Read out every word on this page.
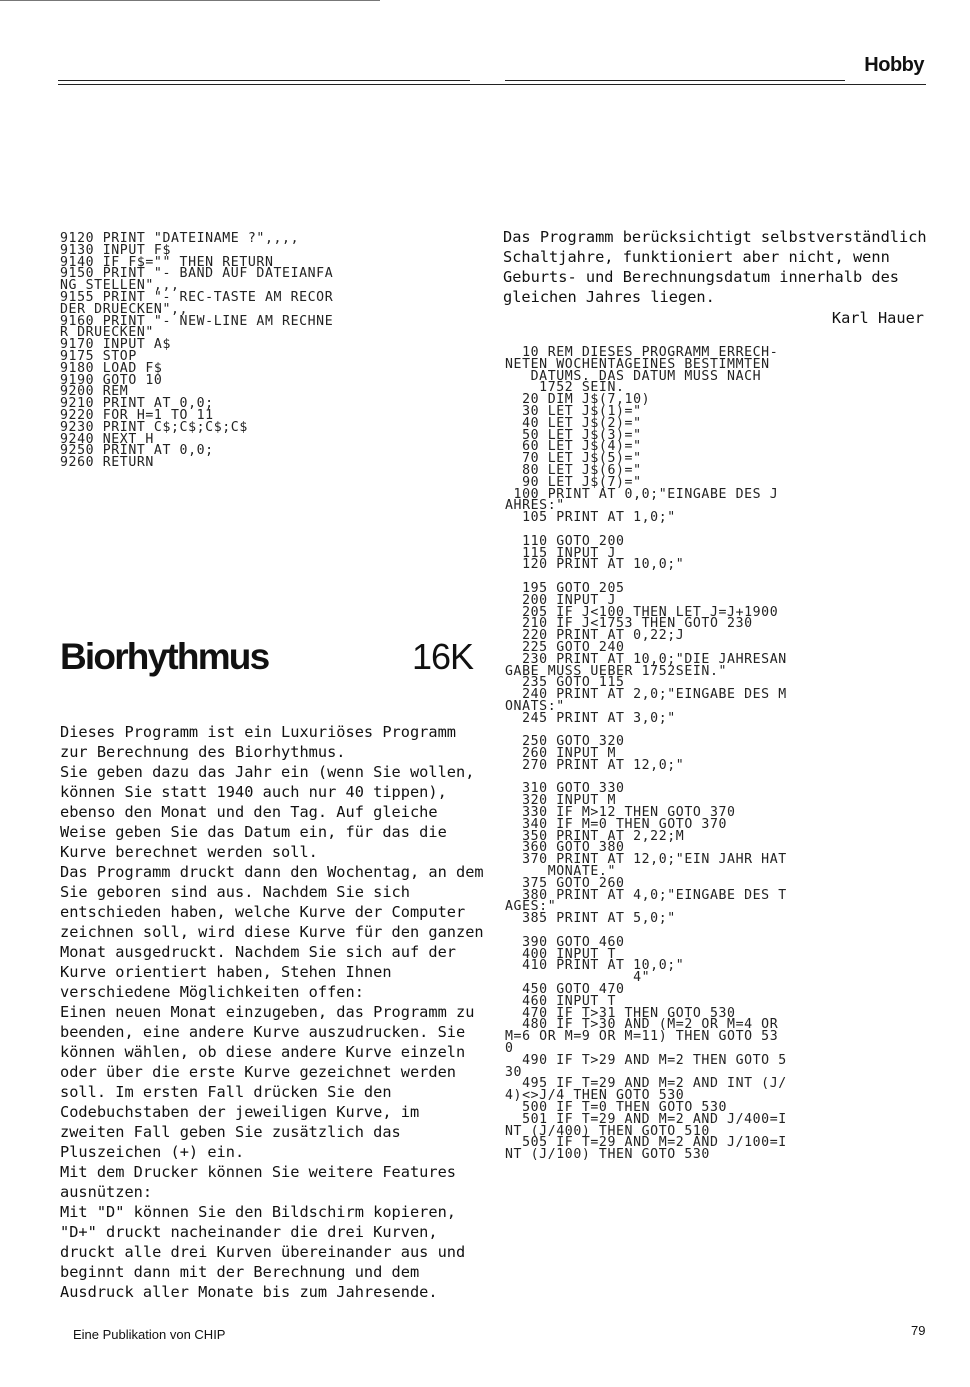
Hobby
9120 PRINT "DATEINAME ?",,,,
9130 INPUT F$
9140 IF F$="" THEN RETURN
9150 PRINT "- BAND AUF DATEIANFA
NG STELLEN",,,
9155 PRINT "- REC-TASTE AM RECOR
DER DRUECKEN",,
9160 PRINT "- NEW-LINE AM RECHNE
R DRUECKEN"
9170 INPUT A$
9175 STOP
9180 LOAD F$
9190 GOTO 10
9200 REM
9210 PRINT AT 0,0;
9220 FOR H=1 TO 11
9230 PRINT C$;C$;C$;C$
9240 NEXT H
9250 PRINT AT 0,0;
9260 RETURN
Biorhythmus	16K

Dieses Programm ist ein Luxuriöses Programm zur Berechnung des Biorhythmus.

Sie geben dazu das Jahr ein (wenn Sie wollen, können Sie statt 1940 auch nur 40 tippen), ebenso den Monat und den Tag. Auf gleiche Weise geben Sie das Datum ein, für das die Kurve berechnet werden soll.

Das Programm druckt dann den Wochentag, an dem Sie geboren sind aus. Nachdem Sie sich entschieden haben, welche Kurve der Computer zeichnen soll, wird diese Kurve für den ganzen Monat ausgedruckt. Nachdem Sie sich auf der Kurve orientiert haben, Stehen Ihnen verschiedene Möglichkeiten offen:

Einen neuen Monat einzugeben, das Programm zu beenden, eine andere Kurve auszudrucken. Sie können wählen, ob diese andere Kurve einzeln oder über die erste Kurve gezeichnet werden soll. Im ersten Fall drücken Sie den Codebuchstaben der jeweiligen Kurve, im zweiten Fall geben Sie zusätzlich das Pluszeichen (+) ein.

Mit dem Drucker können Sie weitere Features ausnützen:

Mit "D" können Sie den Bildschirm kopieren, "D+" druckt nacheinander die drei Kurven, druckt alle drei Kurven übereinander aus und beginnt dann mit der Berechnung und dem Ausdruck aller Monate bis zum Jahresende.

Das Programm berücksichtigt selbstverständlich Schaltjahre, funktioniert aber nicht, wenn Geburts- und Berechnungsdatum innerhalb des gleichen Jahres liegen.

Karl Hauer
10 REM DIESES PROGRAMM ERRECH-
NETEN WOCHENTAGEINES BESTIMMTEN
DATUMS. DAS DATUM MUSS NACH
1752 SEIN.
20 DIM J$(7,10)
30 LET J$(1)="
40 LET J$(2)="
50 LET J$(3)="
60 LET J$(4)="
70 LET J$(5)="
80 LET J$(6)="
90 LET J$(7)="
100 PRINT AT 0,0;"EINGABE DES J
AHRES:"
105 PRINT AT 1,0;"

110 GOTO 200
115 INPUT J
120 PRINT AT 10,0;"

195 GOTO 205
200 INPUT J
205 IF J<100 THEN LET J=J+1900
210 IF J<1753 THEN GOTO 230
220 PRINT AT 0,22;J
225 GOTO 240
230 PRINT AT 10,0;"DIE JAHRESAN
GABE MUSS UEBER 1752SEIN."
235 GOTO 115
240 PRINT AT 2,0;"EINGABE DES M
ONATS:"
245 PRINT AT 3,0;"

250 GOTO 320
260 INPUT M
270 PRINT AT 12,0;"

310 GOTO 330
320 INPUT M
330 IF M>12 THEN GOTO 370
340 IF M=0 THEN GOTO 370
350 PRINT AT 2,22;M
360 GOTO 380
370 PRINT AT 12,0;"EIN JAHR HAT
MONATE."
375 GOTO 260
380 PRINT AT 4,0;"EINGABE DES T
AGES:"
385 PRINT AT 5,0;"

390 GOTO 460
400 INPUT T
410 PRINT AT 10,0;"
4"
450 GOTO 470
460 INPUT T
470 IF T>31 THEN GOTO 530
480 IF T>30 AND (M=2 OR M=4 OR
M=6 OR M=9 OR M=11) THEN GOTO 53
0
490 IF T>29 AND M=2 THEN GOTO 5
30
495 IF T=29 AND M=2 AND INT (J/
4)<>J/4 THEN GOTO 530
500 IF T=0 THEN GOTO 530
501 IF T=29 AND M=2 AND J/400=I
NT (J/400) THEN GOTO 510
505 IF T=29 AND M=2 AND J/100=I
NT (J/100) THEN GOTO 530
Eine Publikation von CHIP	79
